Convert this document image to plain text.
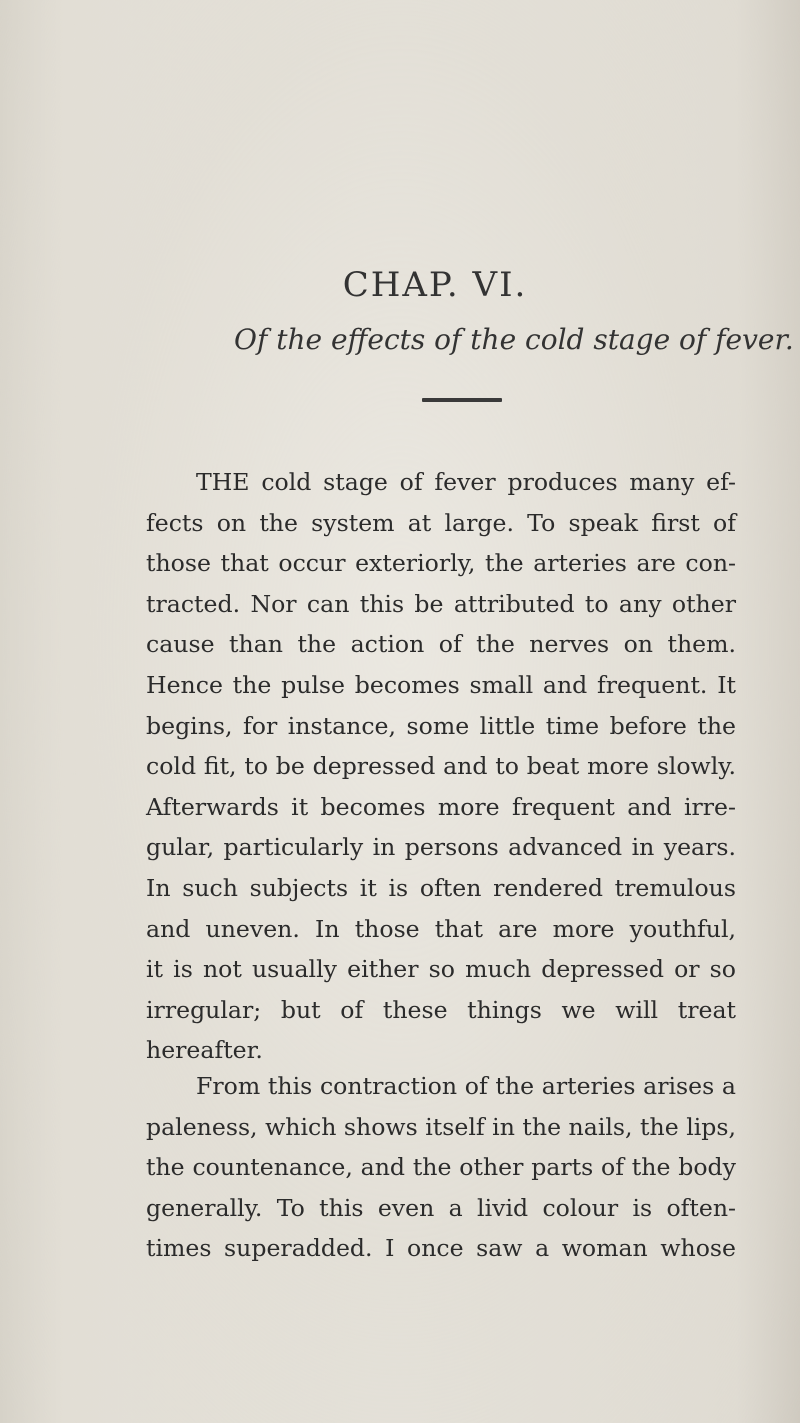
CHAP. VI.
Of the effects of the cold stage of fever.
THE cold stage of fever produces many ef-
fects on the system at large. To speak first of
those that occur exteriorly, the arteries are con-
tracted. Nor can this be attributed to any other
cause than the action of the nerves on them.
Hence the pulse becomes small and frequent. It
begins, for instance, some little time before the
cold fit, to be depressed and to beat more slowly.
Afterwards it becomes more frequent and irre-
gular, particularly in persons advanced in years.
In such subjects it is often rendered tremulous
and uneven. In those that are more youthful,
it is not usually either so much depressed or so
irregular; but of these things we will treat
hereafter.
From this contraction of the arteries arises a
paleness, which shows itself in the nails, the lips,
the countenance, and the other parts of the body
generally. To this even a livid colour is often-
times superadded. I once saw a woman whose
